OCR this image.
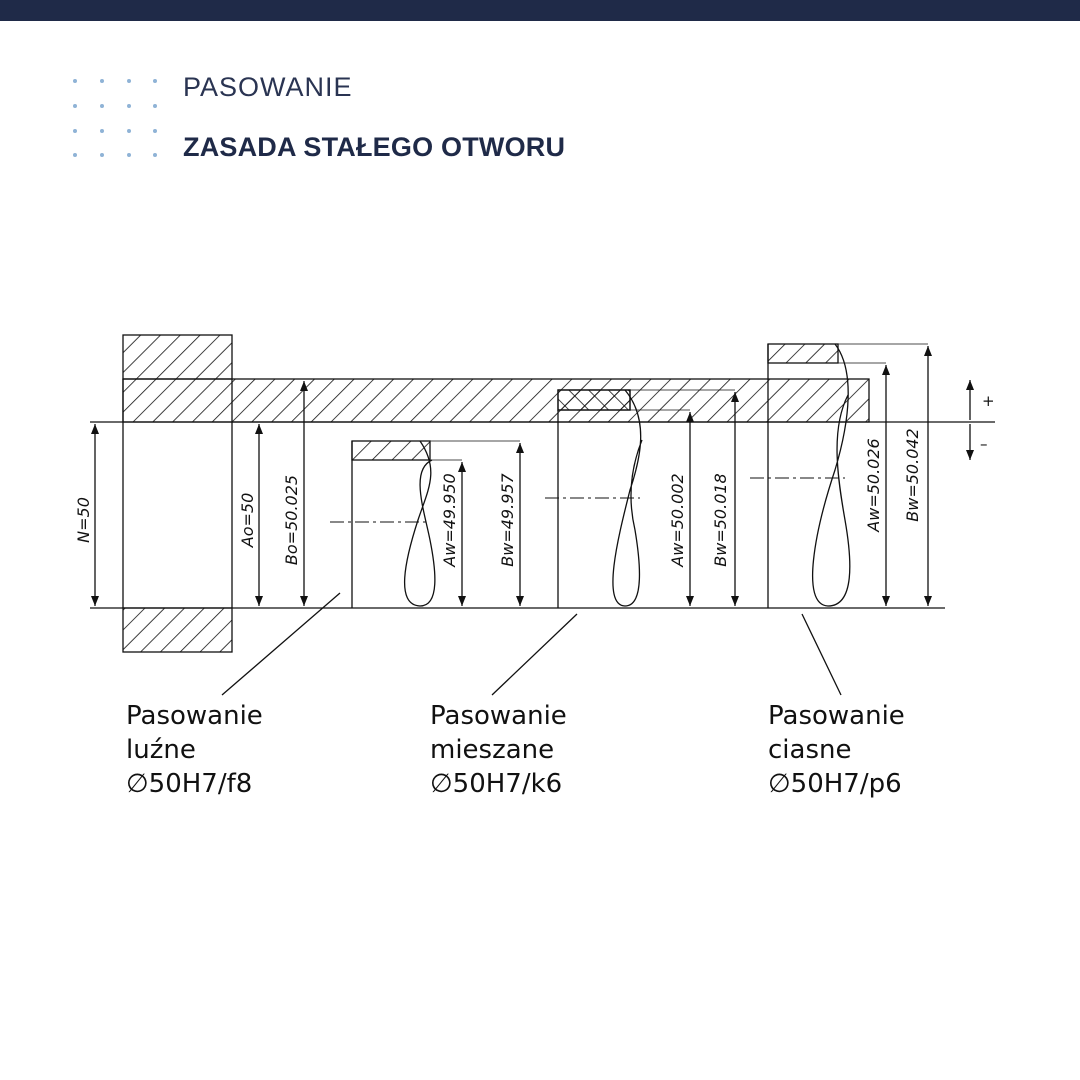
PASOWANIE
ZASADA STAŁEGO OTWORU
N=50	Ao=50 Bo=50.025	Aw=49.950 Bw=49.957	Aw=50.002 Bw=50.018	Aw=50.026 Bw=50.042
+
–
Pasowanie
luźne
∅50H7/f8
Pasowanie
mieszane
∅50H7/k6
Pasowanie
ciasne
∅50H7/p6
